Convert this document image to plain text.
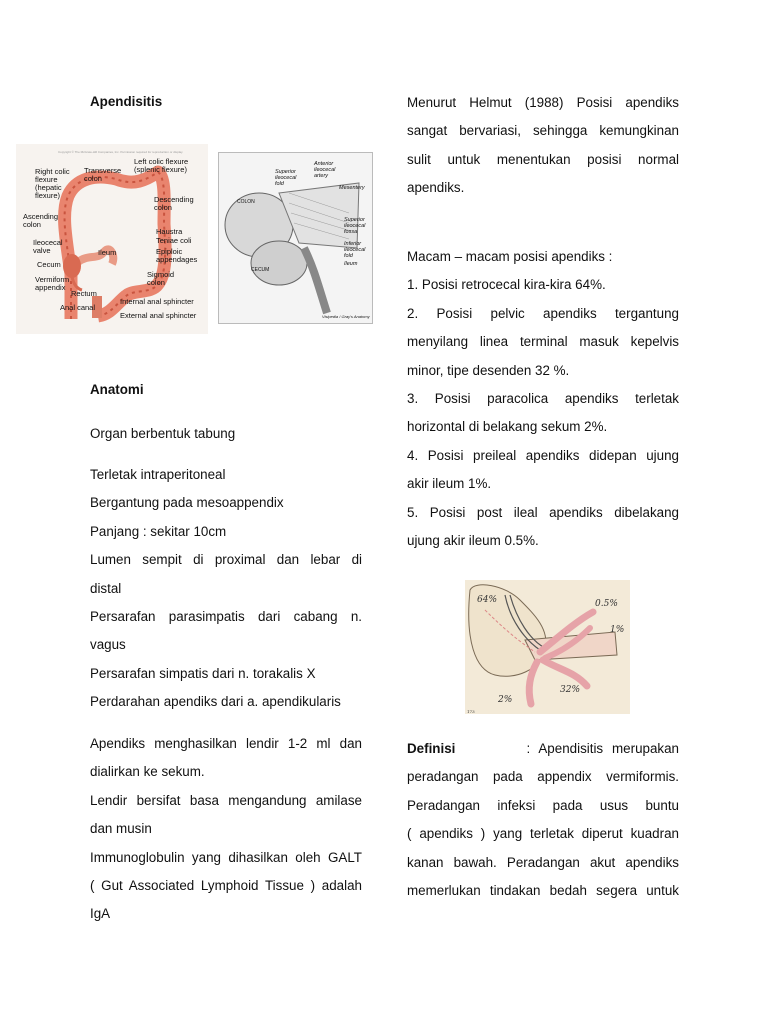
Apendisitis
Copyright © The McGraw-Hill Companies, Inc. Permission required for reproduction or display.
Right colic
flexure
(hepatic
flexure)
Transverse
colon
Left colic flexure
(splenic flexure)
Descending
colon
Ascending
colon
Haustra
Ileocecal
valve	Ileum
Teniae coli
Epiploic
appendages
Cecum
Sigmoid
colon
Vermiform
appendix
Rectum
Internal anal sphincter
Anal canal
External anal sphincter
Anterior
ileocecal
artery
Superior
ileocecal
fold
Mesentery
COLON
Superior
ileocecal
fossa
Inferior
ileocecal
fold
Ileum
CECUM
Visipedia / Gray's Anatomy
Anatomi

Organ berbentuk tabung

Terletak intraperitoneal

Bergantung pada mesoappendix

Panjang : sekitar 10cm

Lumen sempit di proximal dan lebar di

distal

Persarafan parasimpatis dari cabang n.

vagus

Persarafan simpatis dari n. torakalis X

Perdarahan apendiks dari a. apendikularis

Apendiks menghasilkan lendir 1-2 ml dan

dialirkan ke sekum.

Lendir bersifat basa mengandung amilase

dan musin

Immunoglobulin yang dihasilkan oleh GALT

( Gut Associated Lymphoid Tissue ) adalah

IgA

Menurut Helmut (1988) Posisi apendiks

sangat bervariasi, sehingga kemungkinan

sulit untuk menentukan posisi normal

apendiks.

Macam – macam posisi apendiks :

1. Posisi retrocecal kira-kira 64%.

2. Posisi pelvic apendiks tergantung

menyilang linea terminal masuk kepelvis

minor, tipe desenden 32 %.

3. Posisi paracolica apendiks terletak

horizontal di belakang sekum 2%.

4. Posisi preileal apendiks didepan ujung

akir ileum 1%.

5. Posisi post ileal apendiks dibelakang

ujung akir ileum 0.5%.

64%	0.5%
1%
32%
2%
173

Definisi	: Apendisitis merupakan

peradangan pada appendix vermiformis.

Peradangan infeksi pada usus buntu

( apendiks ) yang terletak diperut kuadran

kanan bawah. Peradangan akut apendiks

memerlukan tindakan bedah segera untuk
